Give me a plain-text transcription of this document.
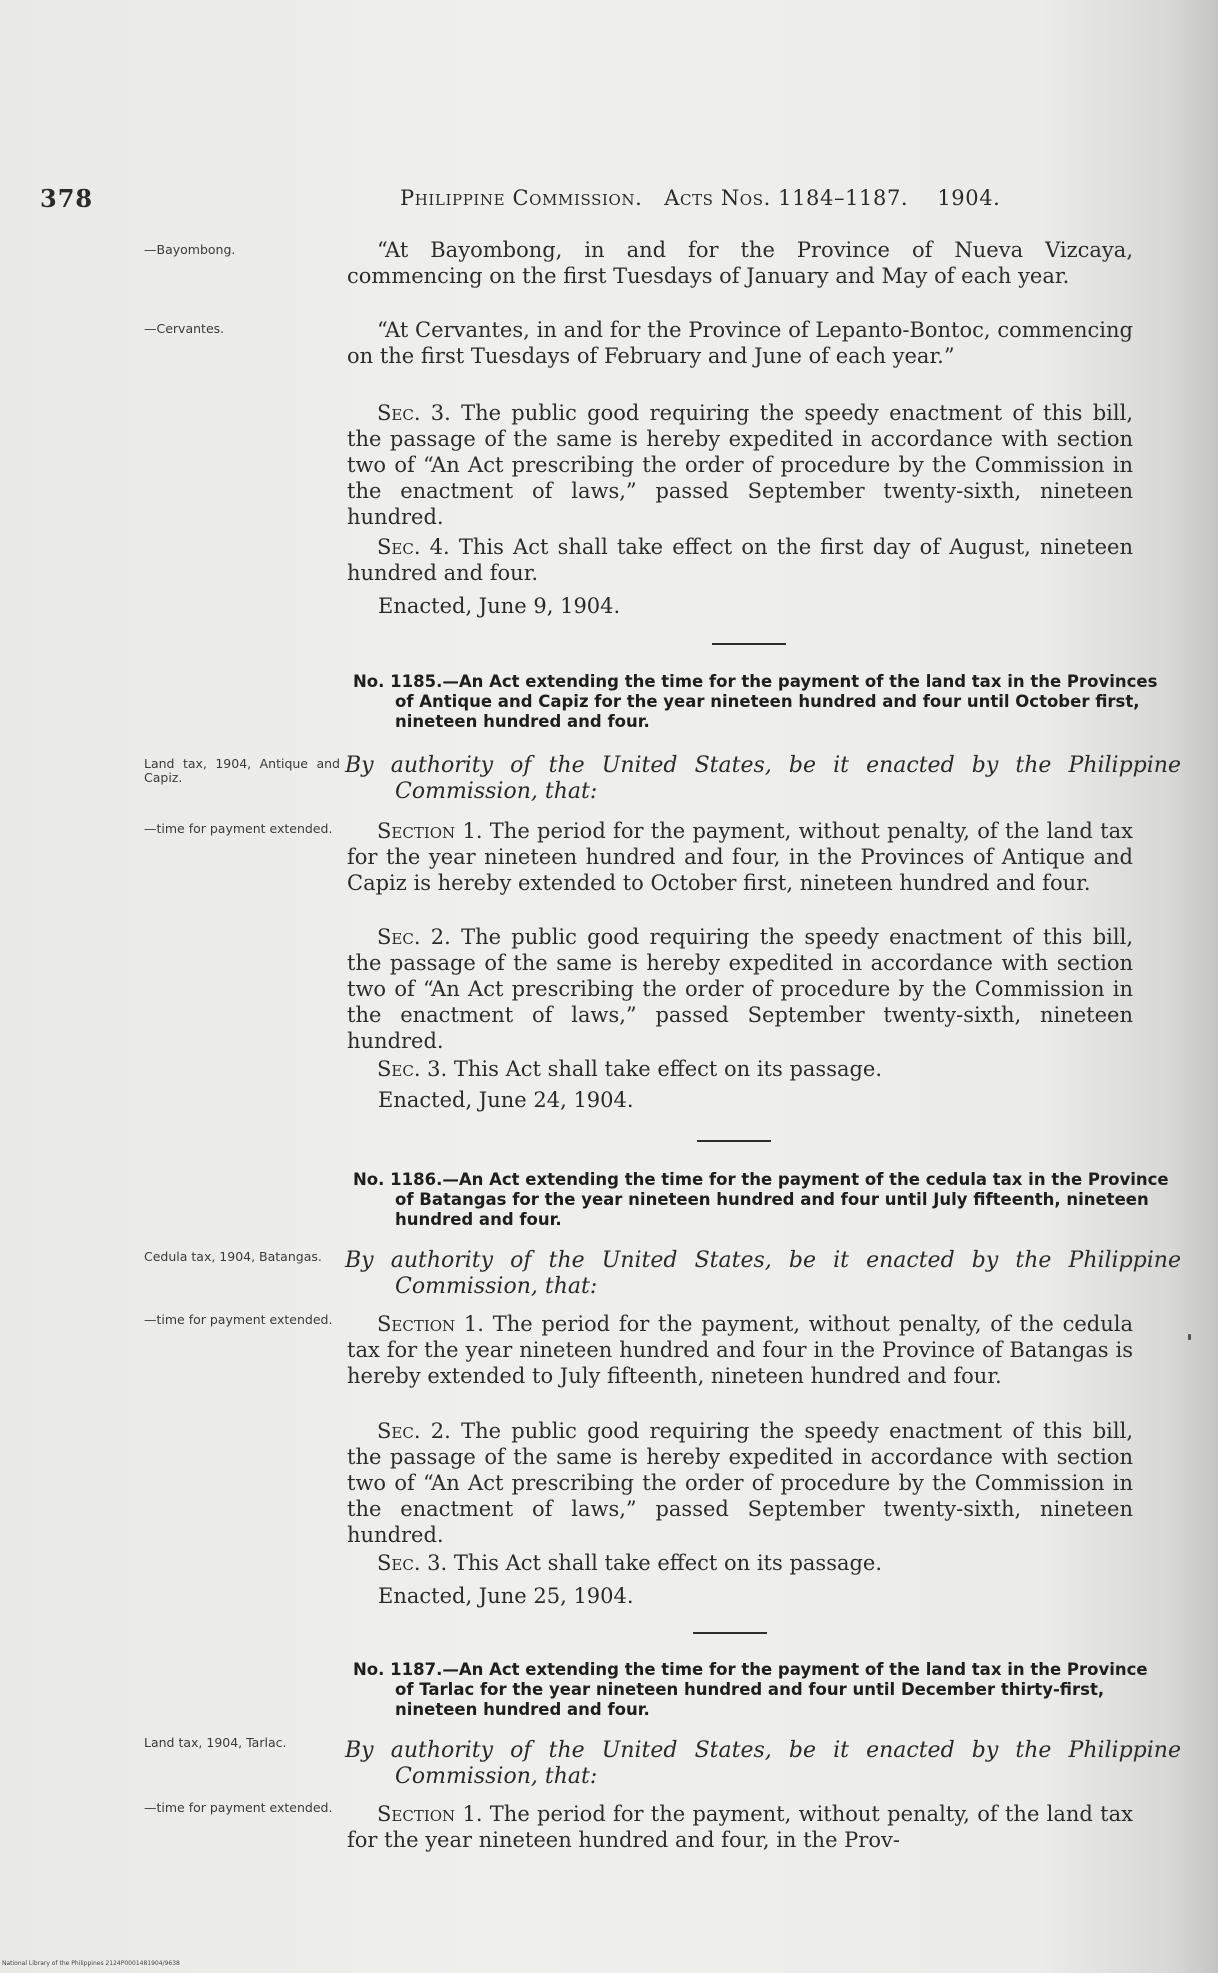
378	Philippine Commission. Acts Nos. 1184–1187. 1904.
—Bayombong.	“At Bayombong, in and for the Province of Nueva Vizcaya, commencing on the first Tuesdays of January and May of each year.
—Cervantes.	“At Cervantes, in and for the Province of Lepanto-Bontoc, commencing on the first Tuesdays of February and June of each year.”
Sec. 3. The public good requiring the speedy enactment of this bill, the passage of the same is hereby expedited in accordance with section two of “An Act prescribing the order of procedure by the Commission in the enactment of laws,” passed September twenty-sixth, nineteen hundred.
Sec. 4. This Act shall take effect on the first day of August, nineteen hundred and four.
Enacted, June 9, 1904.
No. 1185.—An Act extending the time for the payment of the land tax in the Provinces of Antique and Capiz for the year nineteen hundred and four until October first, nineteen hundred and four.
Land tax, 1904, Antique and Capiz.	By authority of the United States, be it enacted by the Philippine Commission, that:
—time for payment extended.	Section 1. The period for the payment, without penalty, of the land tax for the year nineteen hundred and four, in the Provinces of Antique and Capiz is hereby extended to October first, nineteen hundred and four.
Sec. 2. The public good requiring the speedy enactment of this bill, the passage of the same is hereby expedited in accordance with section two of “An Act prescribing the order of procedure by the Commission in the enactment of laws,” passed September twenty-sixth, nineteen hundred.
Sec. 3. This Act shall take effect on its passage.
Enacted, June 24, 1904.
No. 1186.—An Act extending the time for the payment of the cedula tax in the Province of Batangas for the year nineteen hundred and four until July fifteenth, nineteen hundred and four.
Cedula tax, 1904, Batangas.	By authority of the United States, be it enacted by the Philippine Commission, that:
—time for payment extended.	Section 1. The period for the payment, without penalty, of the cedula tax for the year nineteen hundred and four in the Province of Batangas is hereby extended to July fifteenth, nineteen hundred and four.
Sec. 2. The public good requiring the speedy enactment of this bill, the passage of the same is hereby expedited in accordance with section two of “An Act prescribing the order of procedure by the Commission in the enactment of laws,” passed September twenty-sixth, nineteen hundred.
Sec. 3. This Act shall take effect on its passage.
Enacted, June 25, 1904.
No. 1187.—An Act extending the time for the payment of the land tax in the Province of Tarlac for the year nineteen hundred and four until December thirty-first, nineteen hundred and four.
Land tax, 1904, Tarlac.	By authority of the United States, be it enacted by the Philippine Commission, that:
—time for payment extended.	Section 1. The period for the payment, without penalty, of the land tax for the year nineteen hundred and four, in the Prov-
National Library of the Philippines 2124P0001481904/9638
